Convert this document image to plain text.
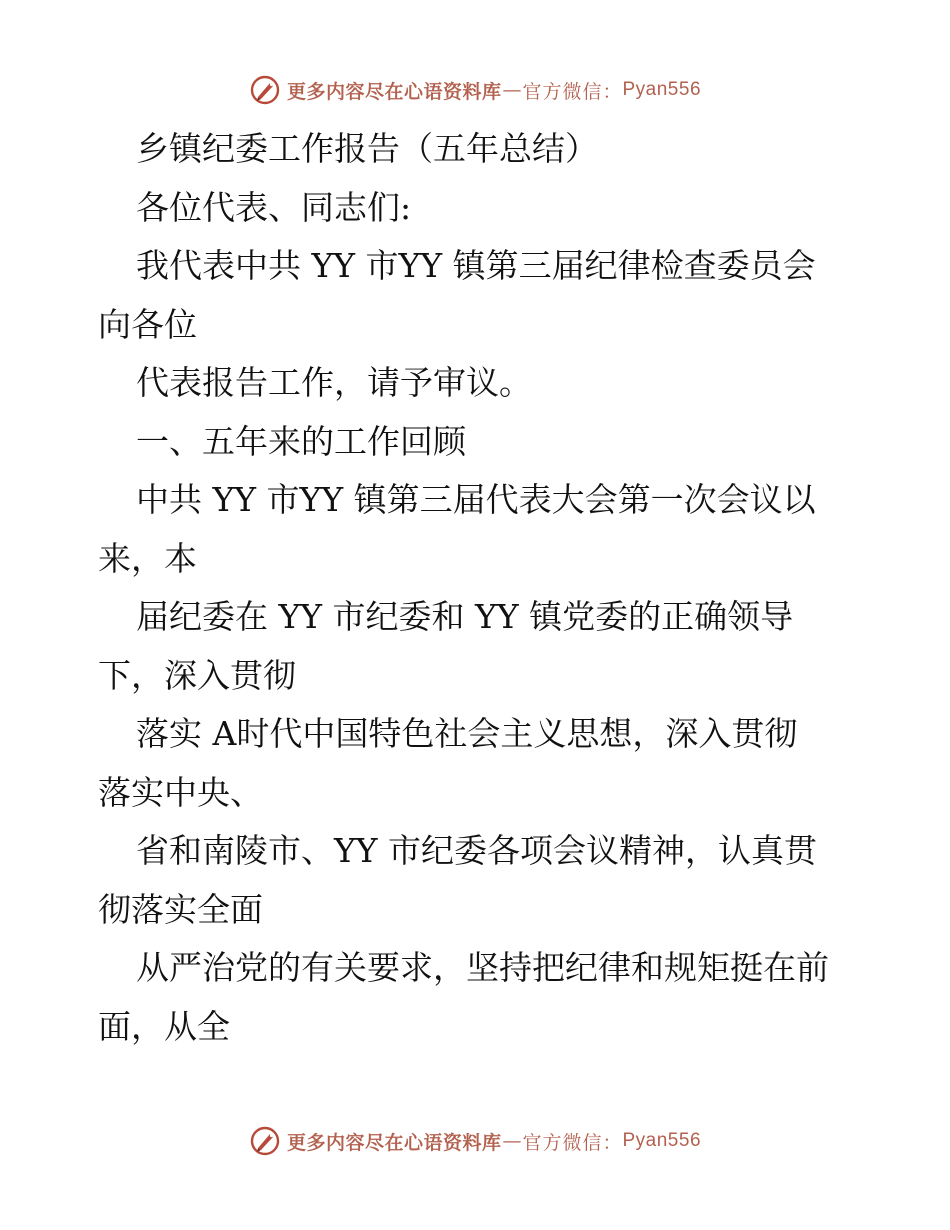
更多内容尽在心语资料库 — 官方微信： Pyan556
乡镇纪委工作报告（五年总结）
各位代表、同志们:
我代表中共 YY 市YY 镇第三届纪律检查委员会
向各位
代表报告工作，请予审议。
一、五年来的工作回顾
中共 YY 市YY 镇第三届代表大会第一次会议以
来，本
届纪委在 YY 市纪委和 YY 镇党委的正确领导
下，深入贯彻
落实 A时代中国特色社会主义思想，深入贯彻
落实中央、
省和南陵市、YY 市纪委各项会议精神，认真贯
彻落实全面
从严治党的有关要求，坚持把纪律和规矩挺在前
面，从全
更多内容尽在心语资料库 — 官方微信： Pyan556
